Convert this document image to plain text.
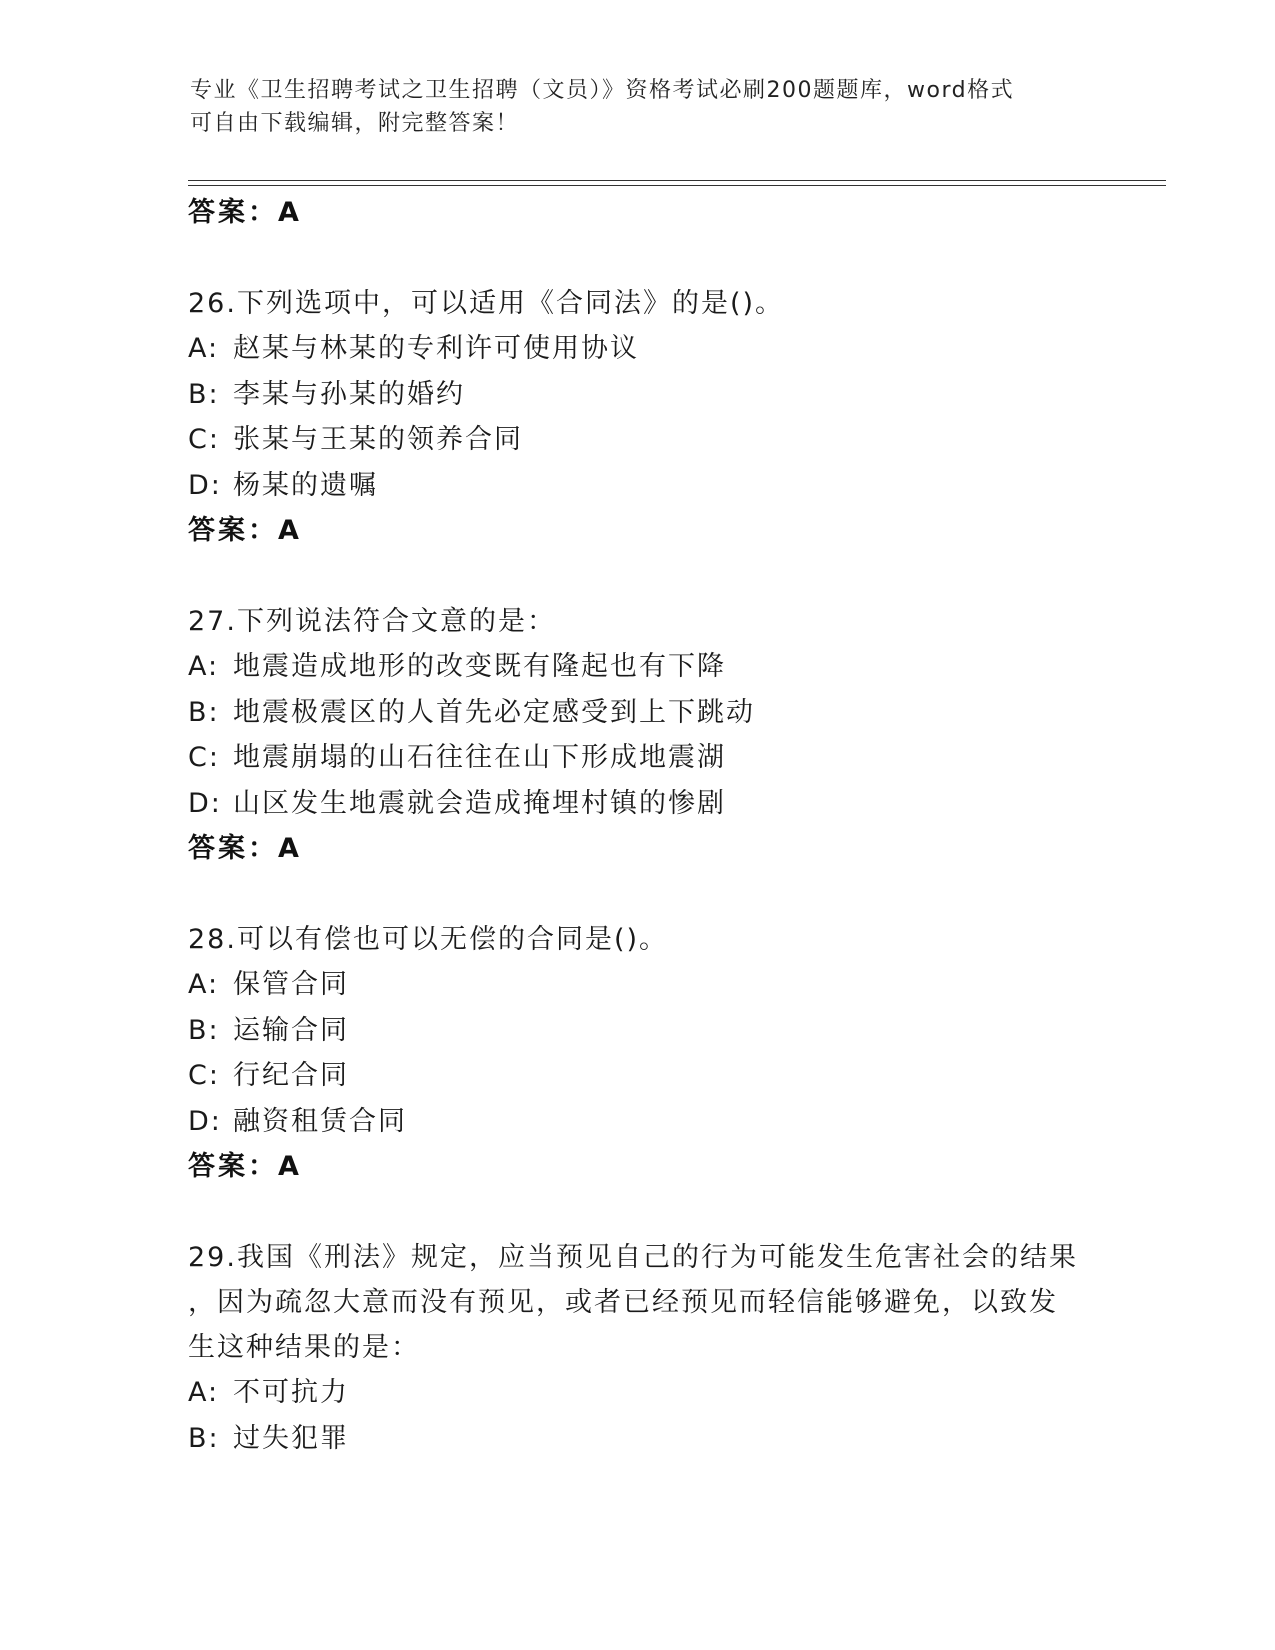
专业《卫生招聘考试之卫生招聘（文员）》资格考试必刷200题题库，word格式
可自由下载编辑，附完整答案！
答案：A
26.下列选项中，可以适用《合同法》的是()。
A: 赵某与林某的专利许可使用协议
B: 李某与孙某的婚约
C: 张某与王某的领养合同
D: 杨某的遗嘱
答案：A
27.下列说法符合文意的是：
A: 地震造成地形的改变既有隆起也有下降
B: 地震极震区的人首先必定感受到上下跳动
C: 地震崩塌的山石往往在山下形成地震湖
D: 山区发生地震就会造成掩埋村镇的惨剧
答案：A
28.可以有偿也可以无偿的合同是()。
A: 保管合同
B: 运输合同
C: 行纪合同
D: 融资租赁合同
答案：A
29.我国《刑法》规定，应当预见自己的行为可能发生危害社会的结果
，因为疏忽大意而没有预见，或者已经预见而轻信能够避免，以致发
生这种结果的是：
A: 不可抗力
B: 过失犯罪
